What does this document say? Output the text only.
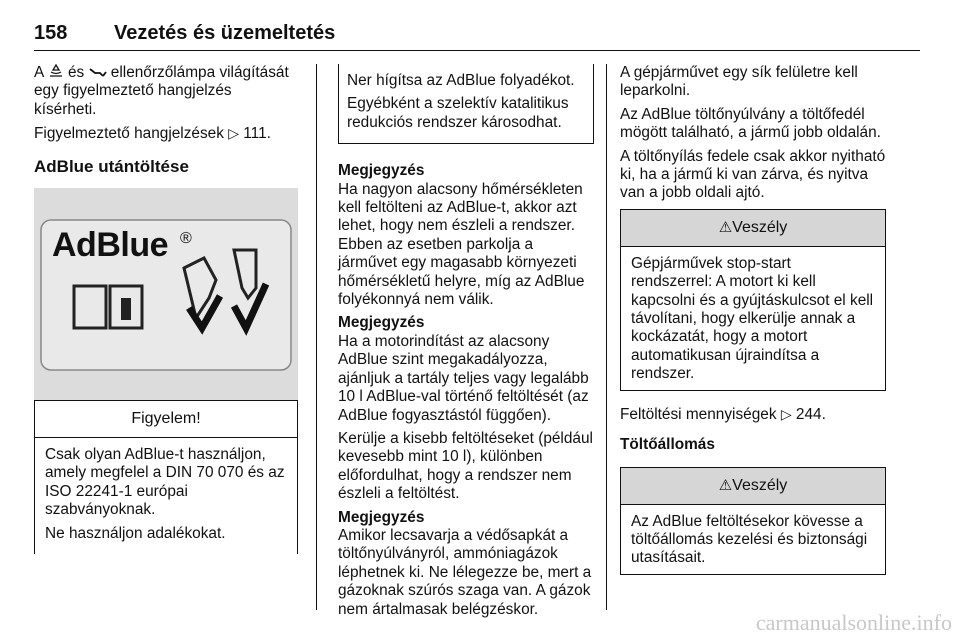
158 Vezetés és üzemeltetés

A  és  ellenőrzőlámpa világítását egy figyelmeztető hangjelzés kísérheti.

Figyelmeztető hangjelzések ▷ 111.

AdBlue utántöltése
AdBlue ®
Figyelem!

Csak olyan AdBlue-t használjon, amely megfelel a DIN 70 070 és az ISO 22241-1 európai szabványoknak.

Ne használjon adalékokat.

Ner hígítsa az AdBlue folyadékot.

Egyébként a szelektív katalitikus redukciós rendszer károsodhat.

Megjegyzés

Ha nagyon alacsony hőmérsékleten kell feltölteni az AdBlue-t, akkor azt lehet, hogy nem észleli a rendszer. Ebben az esetben parkolja a járművet egy magasabb környezeti hőmérsékletű helyre, míg az AdBlue folyékonnyá nem válik.

Megjegyzés

Ha a motorindítást az alacsony AdBlue szint megakadályozza, ajánljuk a tartály teljes vagy legalább 10 l AdBlue-val történő feltöltését (az AdBlue fogyasztástól függően).

Kerülje a kisebb feltöltéseket (például kevesebb mint 10 l), különben előfordulhat, hogy a rendszer nem észleli a feltöltést.

Megjegyzés

Amikor lecsavarja a védősapkát a töltőnyúlványról, ammóniagázok léphetnek ki. Ne lélegezze be, mert a gázoknak szúrós szaga van. A gázok nem ártalmasak belégzéskor.

A gépjárművet egy sík felületre kell leparkolni.

Az AdBlue töltőnyúlvány a töltőfedél mögött található, a jármű jobb oldalán.

A töltőnyílás fedele csak akkor nyitható ki, ha a jármű ki van zárva, és nyitva van a jobb oldali ajtó.

⚠Veszély
Gépjárművek stop-start rendszerrel: A motort ki kell kapcsolni és a gyújtáskulcsot el kell távolítani, hogy elkerülje annak a kockázatát, hogy a motort automatikusan újraindítsa a rendszer.

Feltöltési mennyiségek ▷ 244.

Töltőállomás
⚠Veszély
Az AdBlue feltöltésekor kövesse a töltőállomás kezelési és biztonsági utasításait.
carmanualsonline.info
